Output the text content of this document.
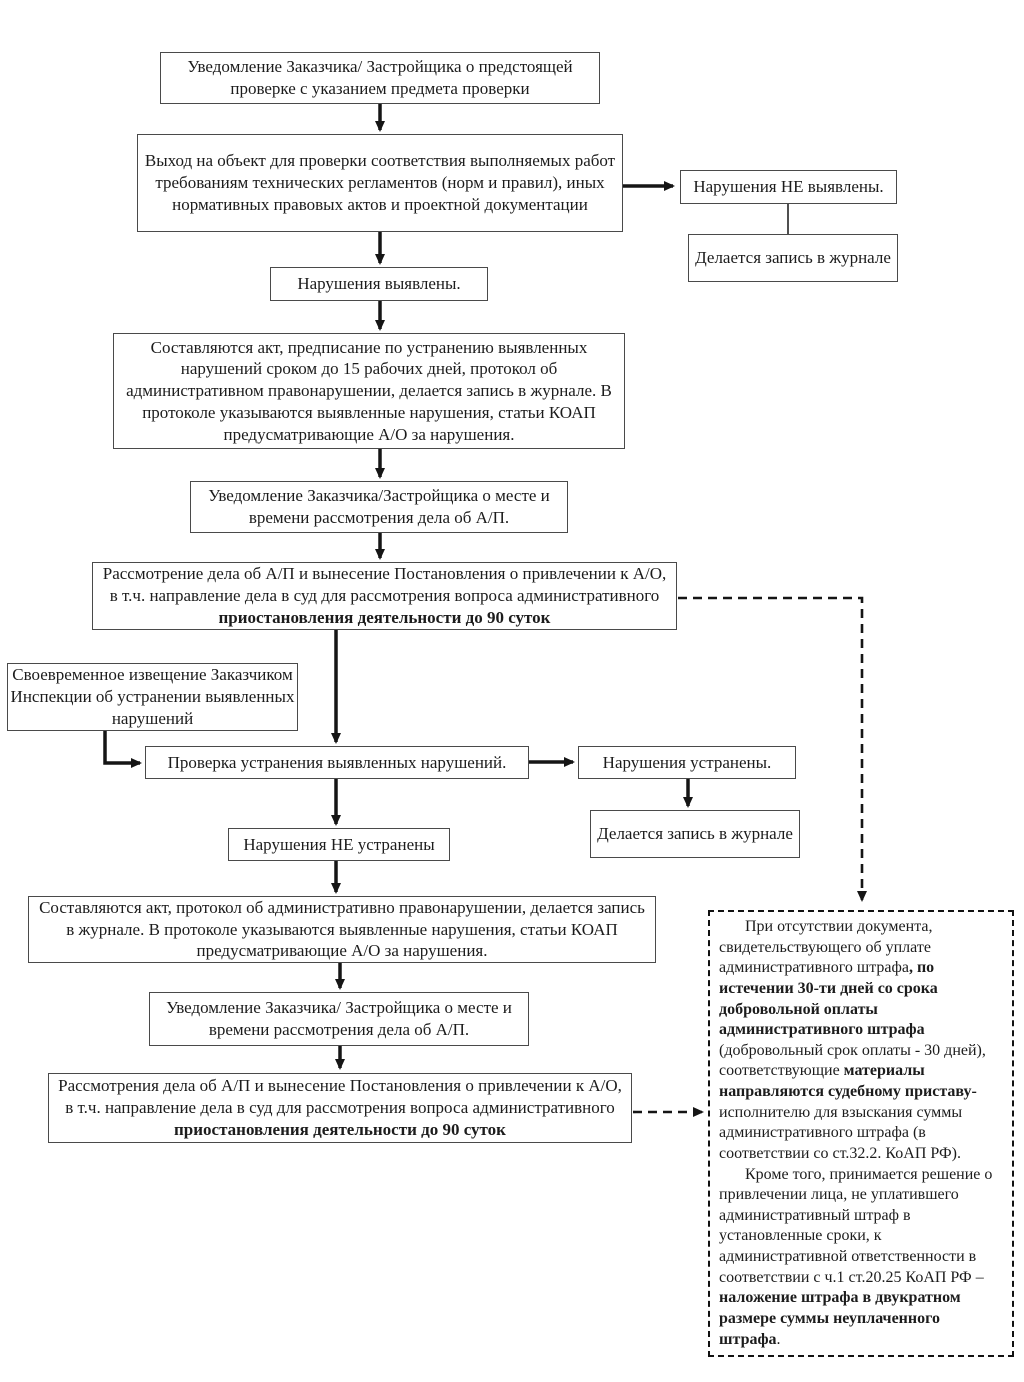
Уведомление Заказчика/ Застройщика о предстоящей проверке с указанием предмета проверки
Выход на объект для проверки соответствия выполняемых работ требованиям технических регламентов (норм и правил), иных нормативных правовых актов и проектной документации
Нарушения НЕ выявлены.
Делается запись в журнале
Нарушения выявлены.
Составляются акт, предписание по устранению выявленных нарушений сроком до 15 рабочих дней, протокол об административном правонарушении, делается запись в журнале. В протоколе указываются выявленные нарушения, статьи КОАП предусматривающие А/О за нарушения.
Уведомление Заказчика/Застройщика о месте и времени рассмотрения дела об А/П.
Рассмотрение дела об А/П и вынесение Постановления о привлечении к А/О, в т.ч. направление дела в суд для рассмотрения вопроса административного приостановления деятельности до 90 суток
Своевременное извещение Заказчиком Инспекции об устранении выявленных нарушений
Проверка устранения выявленных нарушений.	Нарушения устранены.
Делается запись в журнале
Нарушения НЕ устранены
Составляются акт, протокол об административно правонарушении, делается запись в журнале. В протоколе указываются выявленные нарушения, статьи КОАП предусматривающие А/О за нарушения.
Уведомление Заказчика/ Застройщика о месте и времени рассмотрения дела об А/П.
Рассмотрения дела об А/П и вынесение Постановления о привлечении к А/О, в т.ч. направление дела в суд для рассмотрения вопроса административного приостановления деятельности до 90 суток

При отсутствии документа, свидетельствующего об уплате административного штрафа, по истечении 30-ти дней со срока добровольной оплаты административного штрафа (добровольный срок оплаты - 30 дней), соответствующие материалы направляются судебному приставу-исполнителю для взыскания суммы административного штрафа (в соответствии со ст.32.2. КоАП РФ).

Кроме того, принимается решение о привлечении лица, не уплатившего административный штраф в установленные сроки, к административной ответственности в соответствии с ч.1 ст.20.25 КоАП РФ – наложение штрафа в двукратном размере суммы неуплаченного штрафа.
